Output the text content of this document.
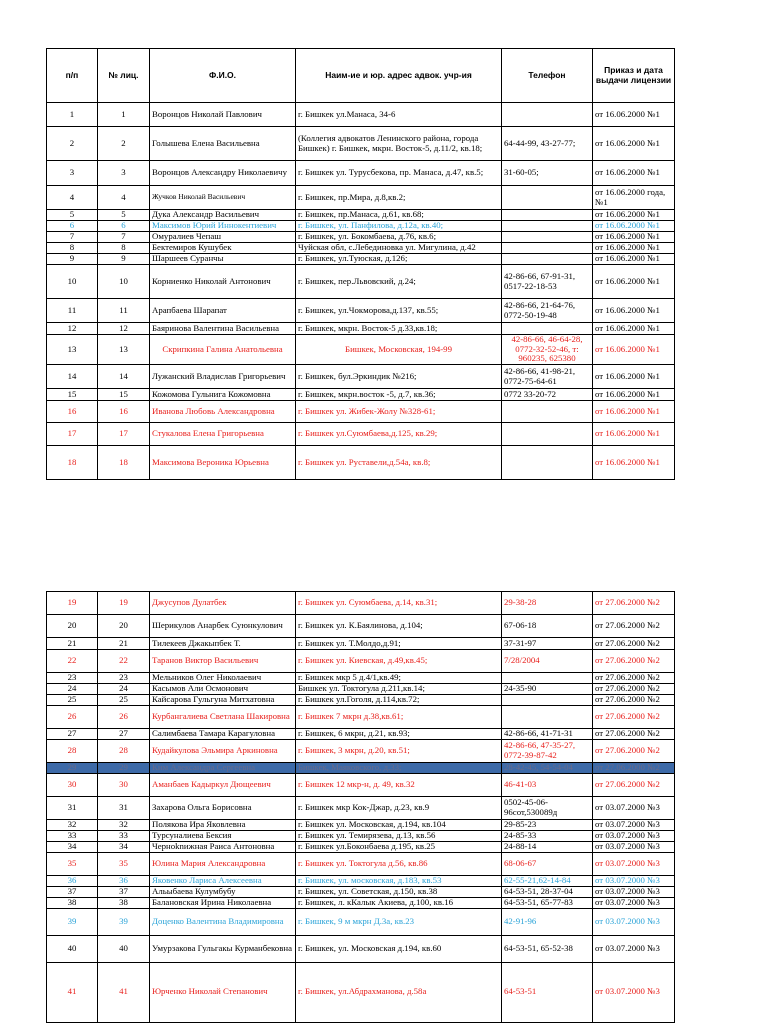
п/п	№ лиц.	Ф.И.О.	Наим-ие и юр. адрес адвок. учр-ия	Телефон	Приказ и дата выдачи лицензии
1	1	Воронцов Николай Павлович	г. Бишкек ул.Манаса, 34-6		от 16.06.2000 №1
2	2	Голышева Елена Васильевна	(Коллегия адвокатов Ленинского района, города Бишкек) г. Бишкек, мкрн. Восток-5, д.11/2, кв.18;	64-44-99, 43-27-77;	от 16.06.2000 №1
3	3	Воронцов Александру Николаевичу	г. Бишкек ул. Турусбекова, пр. Манаса, д.47, кв.5;	31-60-05;	от 16.06.2000 №1
4	4	Жучков Николай Васильевич	г. Бишкек, пр.Мира, д.8,кв.2;		от 16.06.2000 года, №1
5	5	Дука Александр Васильевич	г. Бишкек, пр.Манаса, д.61, кв.68;		от 16.06.2000 №1
6	6	Максимов Юрий Иннокентиевич	г. Бишкек, ул. Панфилова, д.12а, кв.40;		от 16.06.2000 №1
7	7	Омуралиев Чепаш	г. Бишкек, ул. Бокомбаева, д.76, кв.6;		от 16.06.2000 №1
8	8	Бектемиров Кушубек	Чуйская обл, с.Лебединовка ул. Мигулина, д.42		от 16.06.2000 №1
9	9	Шаршеев Суранчы	г. Бишкек, ул.Туюская, д.126;		от 16.06.2000 №1
10	10	Корниенко Николай Антонович	г. Бишкек, пер.Львовский, д.24;	42-86-66, 67-91-31, 0517-22-18-53	от 16.06.2000 №1
11	11	Арапбаева Шарапат	г. Бишкек, ул.Чокморова,д.137, кв.55;	42-86-66, 21-64-76, 0772-50-19-48	от 16.06.2000 №1
12	12	Баяринова Валентина Васильевна	г. Бишкек, мкрн. Восток-5 д.33,кв.18;		от 16.06.2000 №1
13	13	Скрипкина Галина Анатольевна	Бишкек, Московская, 194-99	42-86-66, 46-64-28, 0772-32-52-46, т: 960235, 625380	от 16.06.2000 №1
14	14	Лужанский Владислав Григорьевич	г. Бишкек, бул.Эркиндик №216;	42-86-66, 41-98-21, 0772-75-64-61	от 16.06.2000 №1
15	15	Кожомова Гульнига Кожомовна	г. Бишкек, мкрн.восток -5, д.7, кв.36;	0772 33-20-72	от 16.06.2000 №1
16	16	Иванова Любовь Александровна	г. Бишкек ул. Жибек-Жолу №328-61;		от 16.06.2000 №1
17	17	Стукалова Елена Григорьевна	г. Бишкек ул.Суюмбаева,д.125, кв.29;		от 16.06.2000 №1
18	18	Максимова Вероника Юрьевна	г. Бишкек ул. Руставели,д.54а, кв.8;		от 16.06.2000 №1
19	19	Джусупов Дулатбек	г. Бишкек ул. Суюмбаева, д.14, кв.31;	29-38-28	от 27.06.2000 №2
20	20	Шерикулов Анарбек Суюнкулович	г. Бишкек ул. К.Баялинова, д.104;	67-06-18	от 27.06.2000 №2
21	21	Тилекеев Джакыпбек Т.	г. Бишкек ул. Т.Молдо,д.91;	37-31-97	от 27.06.2000 №2
22	22	Таранов Виктор Васильевич	г. Бишкек ул. Киевская, д.49,кв.45;	7/28/2004	от 27.06.2000 №2
23	23	Мельников Олег Николаевич	г. Бишкек мкр 5 д.4/1,кв.49;		от 27.06.2000 №2
24	24	Касымов Али Осмонович	Бишкек ул. Токтогула д.211,кв.14;	24-35-90	от 27.06.2000 №2
25	25	Кайсарова Гульгуна Митхатовна	г. Бишкек ул.Гоголя, д.114,кв.72;		от 27.06.2000 №2
26	26	Курбангалиева Светлана Шакировна	г. Бишкек 7 мкрн д.38,кв.61;		от 27.06.2000 №2
27	27	Салимбаева Тамара Карагуловна	г. Бишкек, 6 мкрн, д.21, кв.93;	42-86-66, 41-71-31	от 27.06.2000 №2
28	28	Кудайкулова Эльмира Аркиновна	г. Бишкек, 3 мкрн, д.20, кв.51;	42-86-66, 47-35-27, 0772-39-87-42	от 27.06.2000 №2
29	29	Ким Александра Сергеевна	Бишкек, Маяковского, д.33;	28-42-45, 54-54-04	от 27.06.2000 №2
30	30	Аманбаев Кадыркул Дющеевич	г. Бишкек 12 мкр-н, д. 49, кв.32	46-41-03	от 27.06.2000 №2
31	31	Захарова Ольга Борисовна	г. Бишкек мкр Кок-Джар, д.23, кв.9	0502-45-06-96сот,530089д	от 03.07.2000 №3
32	32	Полякова Ира Яковлевна	г. Бишкек ул. Московская, д.194, кв.104	29-85-23	от 03.07.2000 №3
33	33	Турсуналиева Бексия	г. Бишкек ул. Темирязева, д.13, кв.56	24-85-33	от 03.07.2000 №3
34	34	Черноknижная Раиса Антоновна	г. Бишкек ул.Боконбаева д.195, кв.25	24-88-14	от 03.07.2000 №3
35	35	Юлина Мария Александровна	г. Бишкек ул. Токтогула д.56, кв.86	68-06-67	от 03.07.2000 №3
36	36	Яковенко Лариса Алексеевна	г. Бишкек, ул. московская, д.183, кв.53	62-55-21,62-14-84	от 03.07.2000 №3
37	37	Альыбаева Кулумбубу	г. Бишкек, ул. Советская, д.150, кв.38	64-53-51, 28-37-04	от 03.07.2000 №3
38	38	Балановская Ирина Николаевна	г. Бишкек, л. кКалык Акиева, д.100, кв.16	64-53-51, 65-77-83	от 03.07.2000 №3
39	39	Доценко Валентина Владимировна	г. Бишкек, 9 м мкрн Д.3а, кв.23	42-91-96	от 03.07.2000 №3
40	40	Умурзакова Гульгакы Курманбековна	г. Бишкек, ул. Московская д.194, кв.60	64-53-51, 65-52-38	от 03.07.2000 №3
41	41	Юрченко Николай Степанович	г. Бишкек, ул.Абдрахманова, д.58а	64-53-51	от 03.07.2000 №3
